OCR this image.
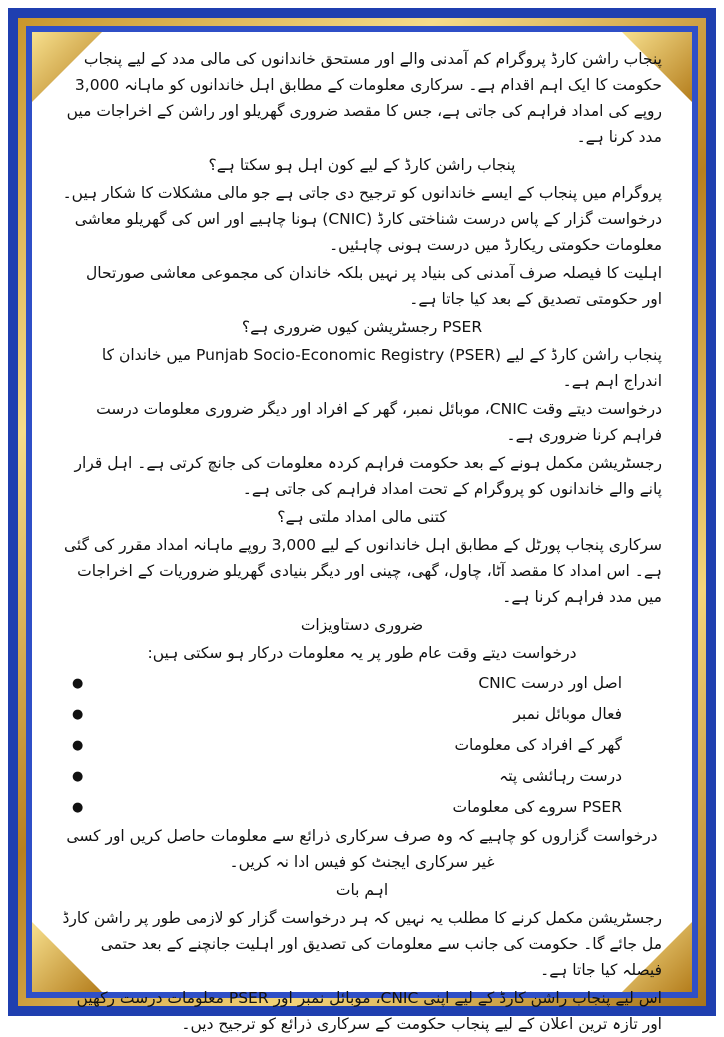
پنجاب راشن کارڈ پروگرام کم آمدنی والے اور مستحق خاندانوں کی مالی مدد کے لیے پنجاب حکومت کا ایک اہم اقدام ہے۔ سرکاری معلومات کے مطابق اہل خاندانوں کو ماہانہ 3,000 روپے کی امداد فراہم کی جاتی ہے، جس کا مقصد ضروری گھریلو اور راشن کے اخراجات میں مدد کرنا ہے۔

پنجاب راشن کارڈ کے لیے کون اہل ہو سکتا ہے؟

پروگرام میں پنجاب کے ایسے خاندانوں کو ترجیح دی جاتی ہے جو مالی مشکلات کا شکار ہیں۔ درخواست گزار کے پاس درست شناختی کارڈ (CNIC) ہونا چاہیے اور اس کی گھریلو معاشی معلومات حکومتی ریکارڈ میں درست ہونی چاہئیں۔

اہلیت کا فیصلہ صرف آمدنی کی بنیاد پر نہیں بلکہ خاندان کی مجموعی معاشی صورتحال اور حکومتی تصدیق کے بعد کیا جاتا ہے۔

PSER رجسٹریشن کیوں ضروری ہے؟

پنجاب راشن کارڈ کے لیے Punjab Socio-Economic Registry (PSER) میں خاندان کا اندراج اہم ہے۔

درخواست دیتے وقت CNIC، موبائل نمبر، گھر کے افراد اور دیگر ضروری معلومات درست فراہم کرنا ضروری ہے۔

رجسٹریشن مکمل ہونے کے بعد حکومت فراہم کردہ معلومات کی جانچ کرتی ہے۔ اہل قرار پانے والے خاندانوں کو پروگرام کے تحت امداد فراہم کی جاتی ہے۔

کتنی مالی امداد ملتی ہے؟

سرکاری پنجاب پورٹل کے مطابق اہل خاندانوں کے لیے 3,000 روپے ماہانہ امداد مقرر کی گئی ہے۔ اس امداد کا مقصد آٹا، چاول، گھی، چینی اور دیگر بنیادی گھریلو ضروریات کے اخراجات میں مدد فراہم کرنا ہے۔

ضروری دستاویزات

درخواست دیتے وقت عام طور پر یہ معلومات درکار ہو سکتی ہیں:

اصل اور درست CNIC
●
فعال موبائل نمبر
●
گھر کے افراد کی معلومات
●
درست رہائشی پتہ
●
PSER سروے کی معلومات
●

درخواست گزاروں کو چاہیے کہ وہ صرف سرکاری ذرائع سے معلومات حاصل کریں اور کسی غیر سرکاری ایجنٹ کو فیس ادا نہ کریں۔

اہم بات

رجسٹریشن مکمل کرنے کا مطلب یہ نہیں کہ ہر درخواست گزار کو لازمی طور پر راشن کارڈ مل جائے گا۔ حکومت کی جانب سے معلومات کی تصدیق اور اہلیت جانچنے کے بعد حتمی فیصلہ کیا جاتا ہے۔

اس لیے پنجاب راشن کارڈ کے لیے اپنی CNIC، موبائل نمبر اور PSER معلومات درست رکھیں اور تازہ ترین اعلان کے لیے پنجاب حکومت کے سرکاری ذرائع کو ترجیح دیں۔
